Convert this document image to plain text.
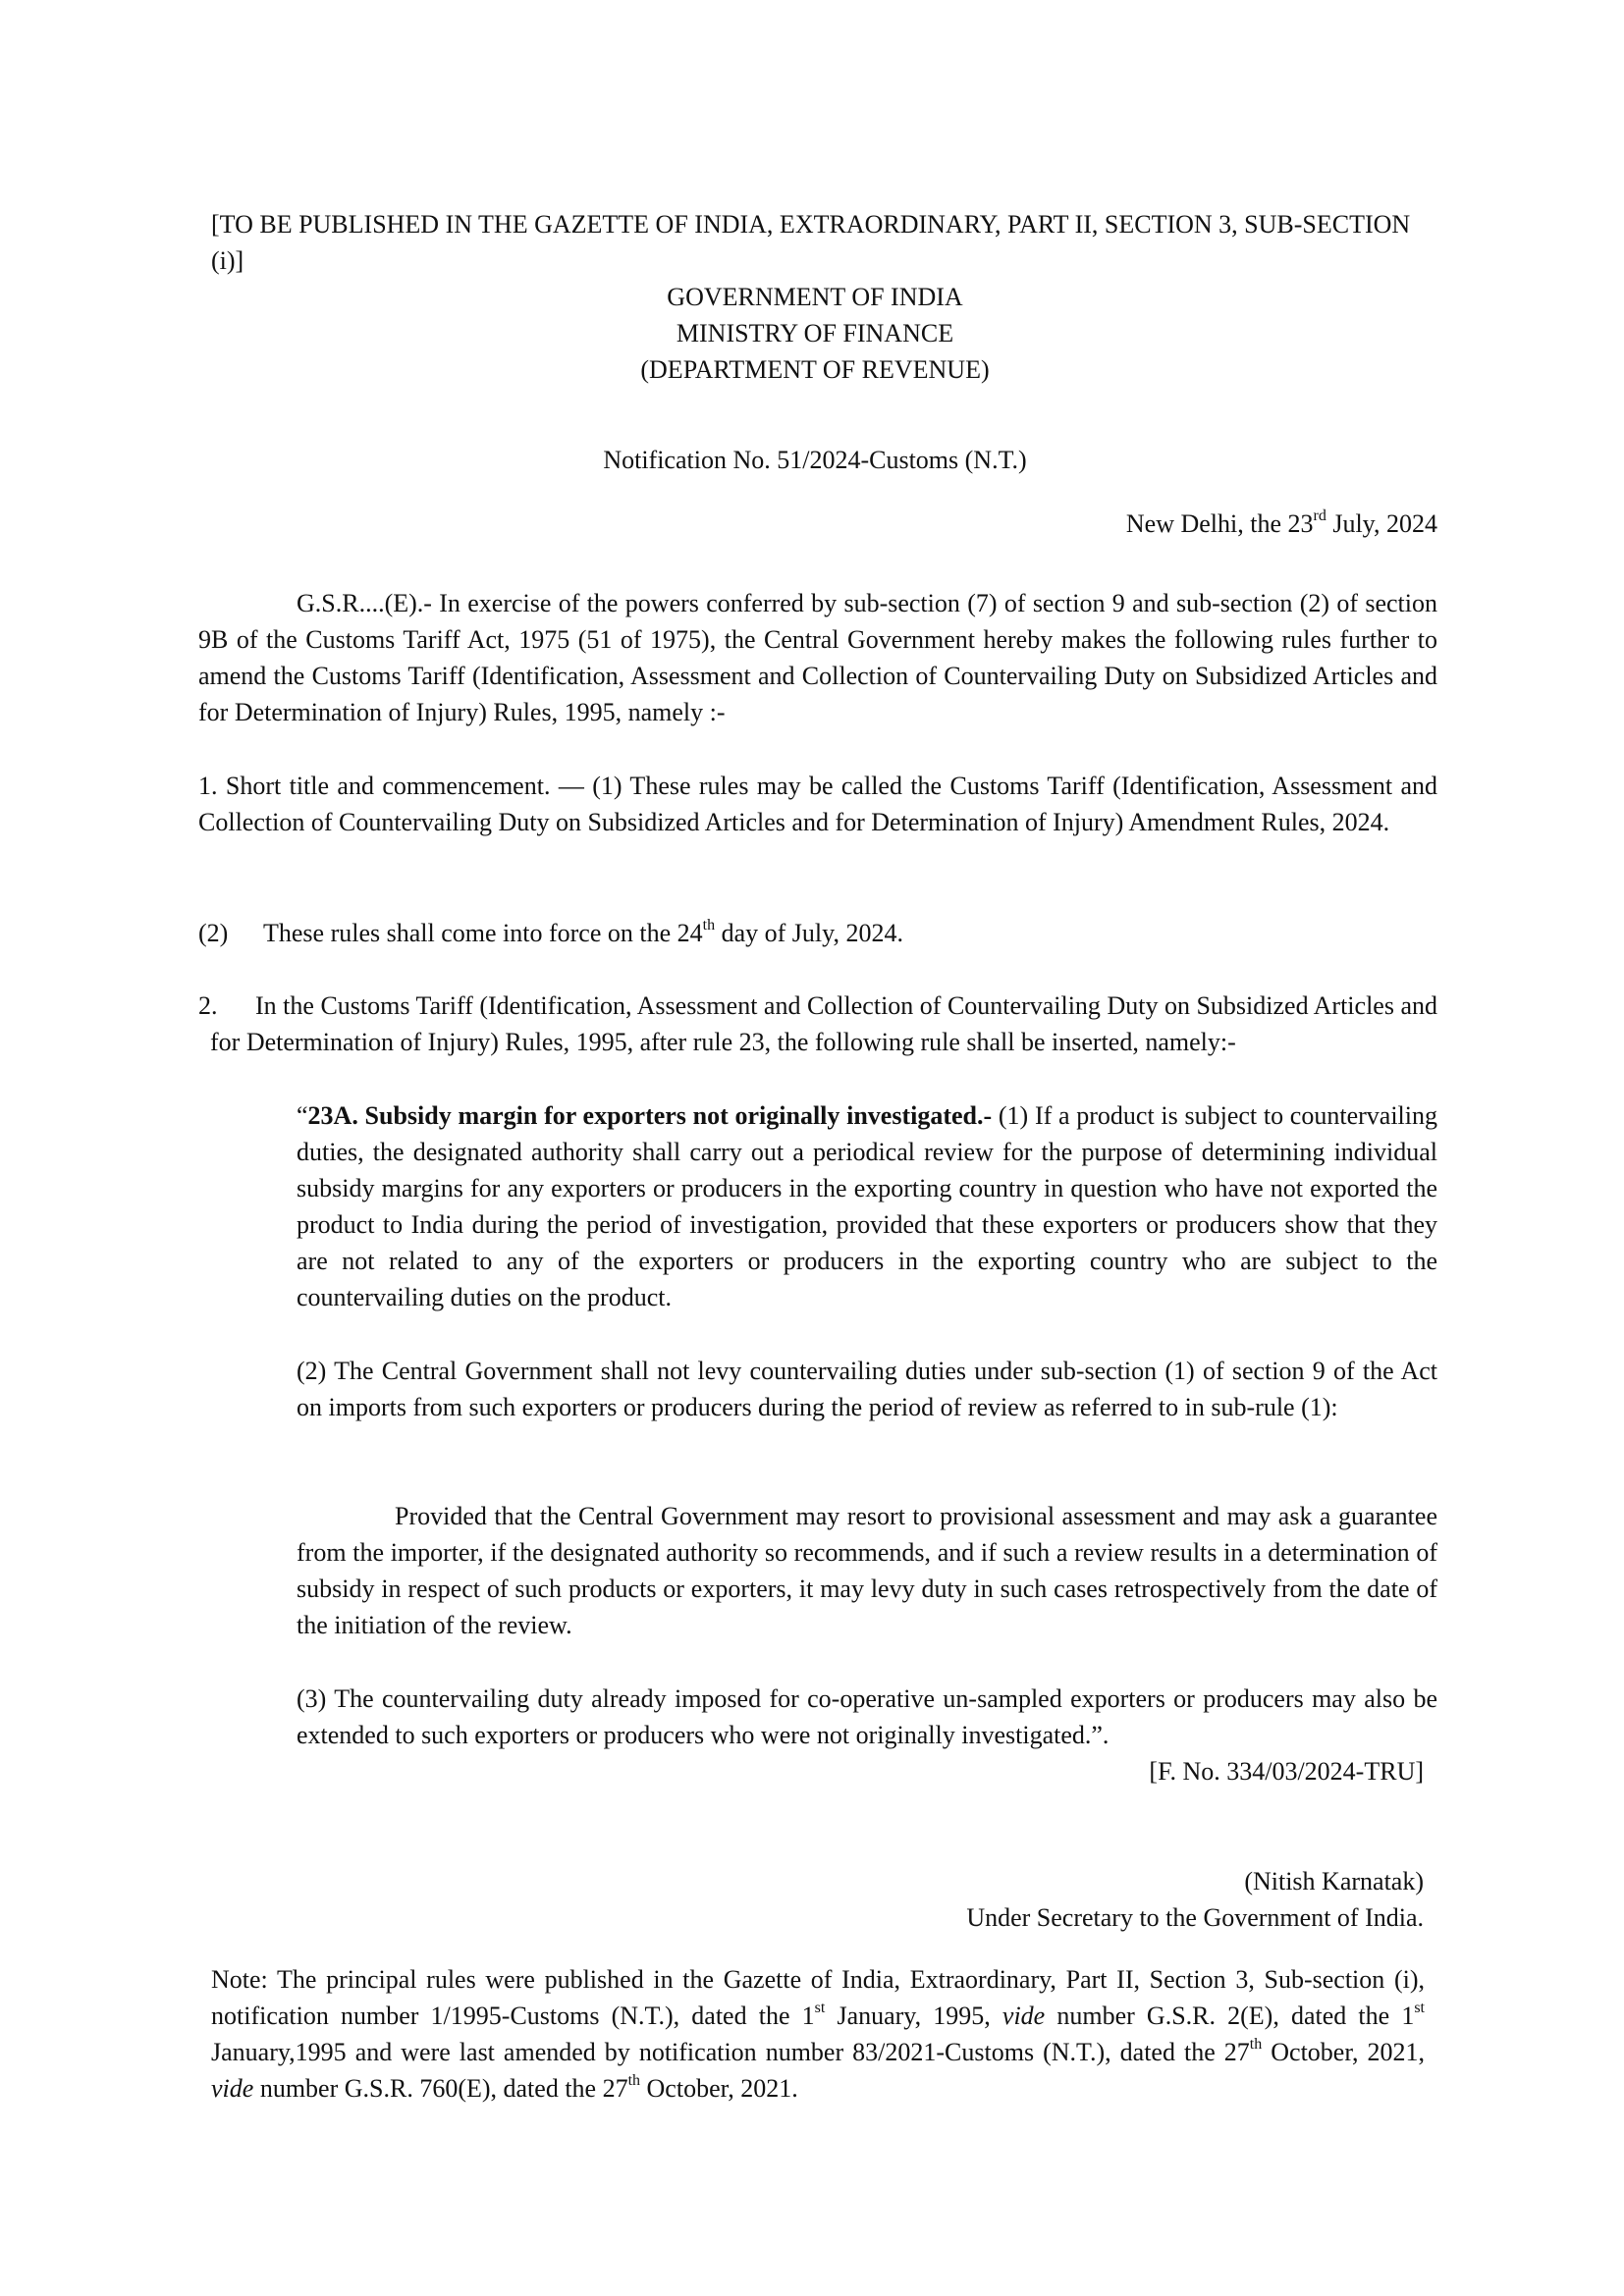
[TO BE PUBLISHED IN THE GAZETTE OF INDIA, EXTRAORDINARY, PART II, SECTION 3, SUB-SECTION (i)]

GOVERNMENT OF INDIA
MINISTRY OF FINANCE
(DEPARTMENT OF REVENUE)

Notification No. 51/2024-Customs (N.T.)

New Delhi, the 23rd July, 2024

G.S.R....(E).- In exercise of the powers conferred by sub-section (7) of section 9 and sub-section (2) of section 9B of the Customs Tariff Act, 1975 (51 of 1975), the Central Government hereby makes the following rules further to amend the Customs Tariff (Identification, Assessment and Collection of Countervailing Duty on Subsidized Articles and for Determination of Injury) Rules, 1995, namely :-

1. Short title and commencement. — (1) These rules may be called the Customs Tariff (Identification, Assessment and Collection of Countervailing Duty on Subsidized Articles and for Determination of Injury) Amendment Rules, 2024.

(2) These rules shall come into force on the 24th day of July, 2024.

2.	In the Customs Tariff (Identification, Assessment and Collection of Countervailing Duty on Subsidized Articles and for Determination of Injury) Rules, 1995, after rule 23, the following rule shall be inserted, namely:-

“23A. Subsidy margin for exporters not originally investigated.- (1) If a product is subject to countervailing duties, the designated authority shall carry out a periodical review for the purpose of determining individual subsidy margins for any exporters or producers in the exporting country in question who have not exported the product to India during the period of investigation, provided that these exporters or producers show that they are not related to any of the exporters or producers in the exporting country who are subject to the countervailing duties on the product.

(2) The Central Government shall not levy countervailing duties under sub-section (1) of section 9 of the Act on imports from such exporters or producers during the period of review as referred to in sub-rule (1):

Provided that the Central Government may resort to provisional assessment and may ask a guarantee from the importer, if the designated authority so recommends, and if such a review results in a determination of subsidy in respect of such products or exporters, it may levy duty in such cases retrospectively from the date of the initiation of the review.

(3) The countervailing duty already imposed for co-operative un-sampled exporters or producers may also be extended to such exporters or producers who were not originally investigated.”.

[F. No. 334/03/2024-TRU]

(Nitish Karnatak)
Under Secretary to the Government of India.

Note: The principal rules were published in the Gazette of India, Extraordinary, Part II, Section 3, Sub-section (i), notification number 1/1995-Customs (N.T.), dated the 1st January, 1995, vide number G.S.R. 2(E), dated the 1st January,1995 and were last amended by notification number 83/2021-Customs (N.T.), dated the 27th October, 2021, vide number G.S.R. 760(E), dated the 27th October, 2021.
